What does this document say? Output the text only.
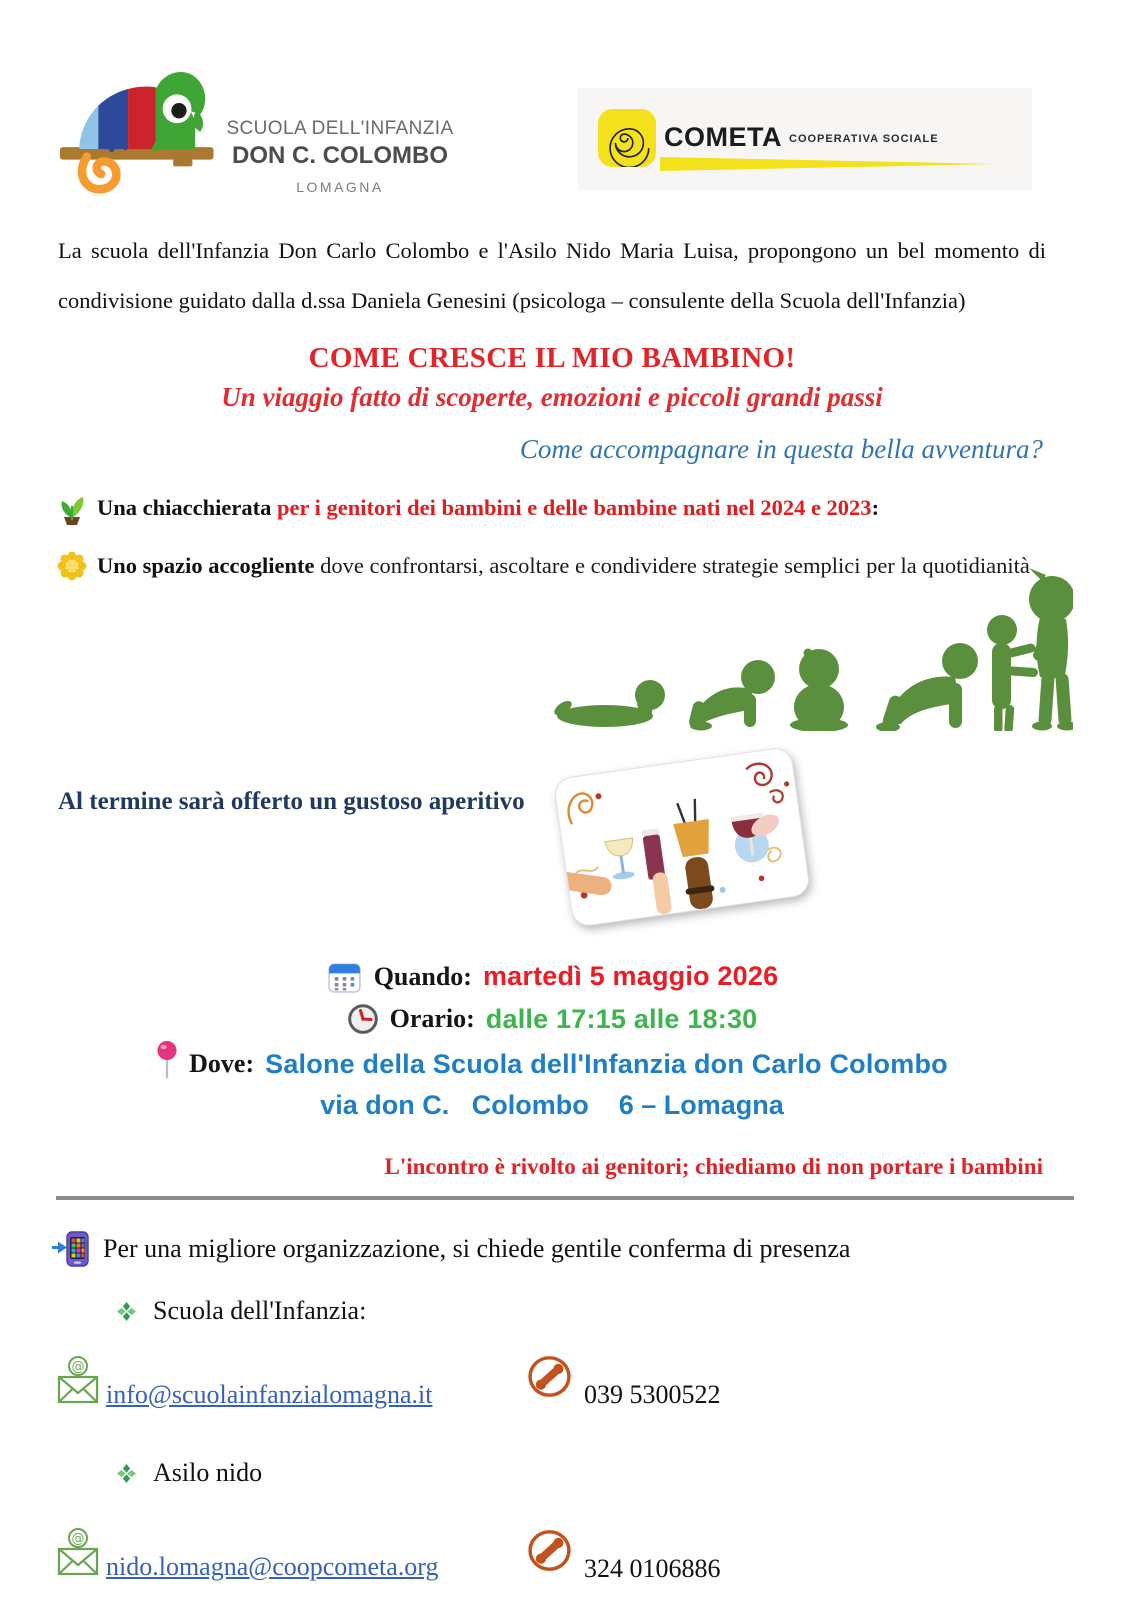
SCUOLA DELL'INFANZIA
DON C. COLOMBO
LOMAGNA
COMETA COOPERATIVA SOCIALE

La scuola dell'Infanzia Don Carlo Colombo e l'Asilo Nido Maria Luisa, propongono un bel momento di condivisione guidato dalla d.ssa Daniela Genesini (psicologa – consulente della Scuola dell'Infanzia)

COME CRESCE IL MIO BAMBINO!
Un viaggio fatto di scoperte, emozioni e piccoli grandi passi

Come accompagnare in questa bella avventura?

Una chiacchierata per i genitori dei bambini e delle bambine nati nel 2024 e 2023:
Uno spazio accogliente dove confrontarsi, ascoltare e condividere strategie semplici per la quotidianità

Al termine sarà offerto un gustoso aperitivo

Quando: martedì 5 maggio 2026
Orario: dalle 17:15 alle 18:30
Dove: Salone della Scuola dell'Infanzia don Carlo Colombo
via don C.   Colombo    6 – Lomagna

L'incontro è rivolto ai genitori; chiediamo di non portare i bambini

Per una migliore organizzazione, si chiede gentile conferma di presenza
Scuola dell'Infanzia:
@
info@scuolainfanzialomagna.it	039 5300522
Asilo nido
@
nido.lomagna@coopcometa.org	324 0106886
